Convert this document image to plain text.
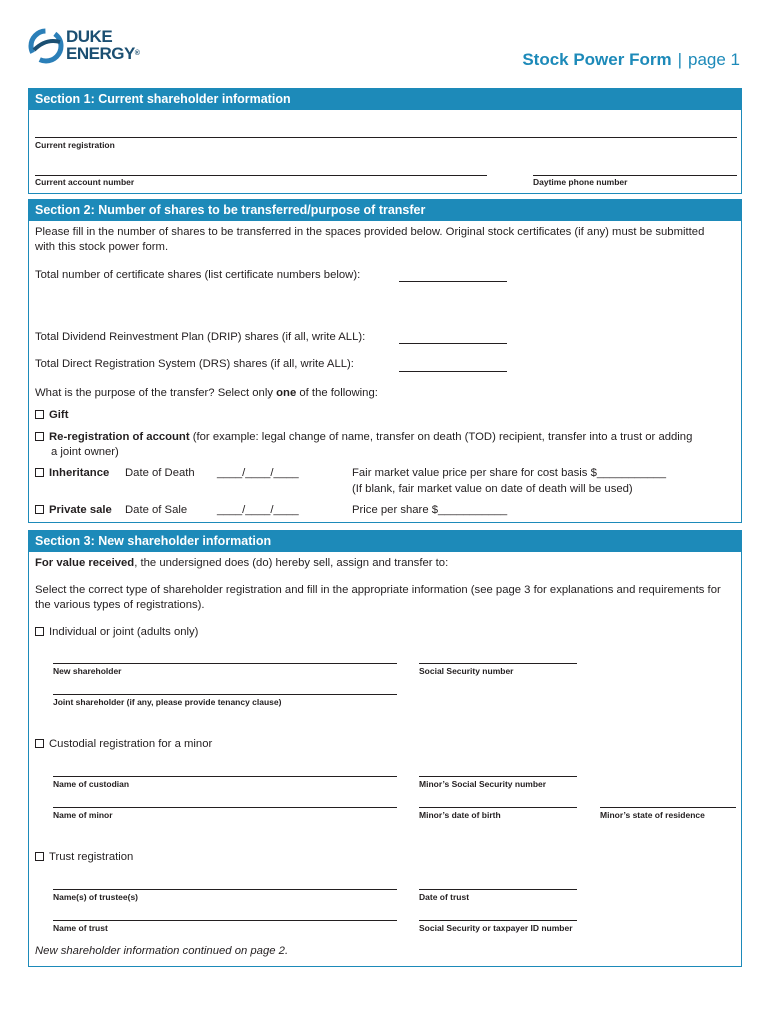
DUKE
ENERGY®	Stock Power Form | page 1
Section 1: Current shareholder information
Current registration
Current account number	Daytime phone number
Section 2: Number of shares to be transferred/purpose of transfer
Please fill in the number of shares to be transferred in the spaces provided below. Original stock certificates (if any) must be submitted with this stock power form.
Total number of certificate shares (list certificate numbers below):
Total Dividend Reinvestment Plan (DRIP) shares (if all, write ALL):
Total Direct Registration System (DRS) shares (if all, write ALL):
What is the purpose of the transfer? Select only one of the following:
Gift
Re-registration of account (for example: legal change of name, transfer on death (TOD) recipient, transfer into a trust or adding
a joint owner)
Inheritance Date of Death ____/____/____	Fair market value price per share for cost basis $___________
(If blank, fair market value on date of death will be used)
Private sale Date of Sale	____/____/____	Price per share $___________
Section 3: New shareholder information
For value received, the undersigned does (do) hereby sell, assign and transfer to:
Select the correct type of shareholder registration and fill in the appropriate information (see page 3 for explanations and requirements for the various types of registrations).
Individual or joint (adults only)
New shareholder	Social Security number
Joint shareholder (if any, please provide tenancy clause)
Custodial registration for a minor
Name of custodian	Minor’s Social Security number
Name of minor	Minor’s date of birth	Minor’s state of residence
Trust registration
Name(s) of trustee(s)	Date of trust
Name of trust	Social Security or taxpayer ID number
New shareholder information continued on page 2.
